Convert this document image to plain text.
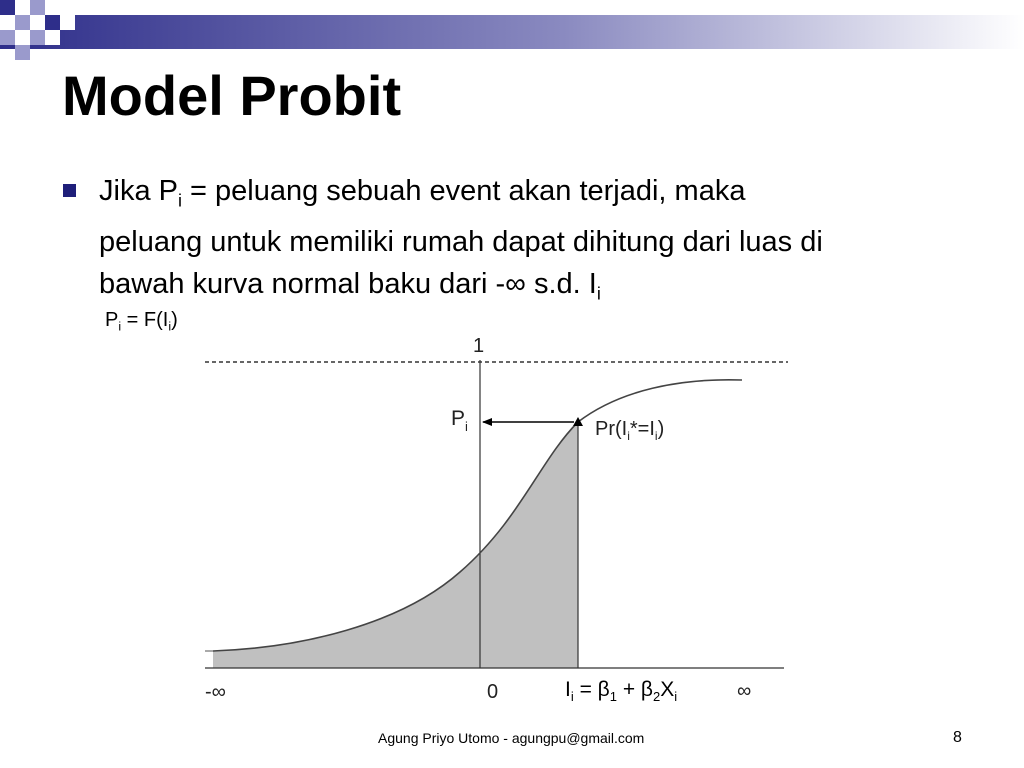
Model Probit
Jika $P_i$ = peluang sebuah event akan terjadi, maka
peluang untuk memiliki rumah dapat dihitung dari luas di
bawah kurva normal baku dari -∞ s.d. $I_i$
$P_i = F(I_i)$
1
$P_i$	$Pr(I_i*=I_i)$
0
-∞	∞
$I_i = \beta_1 + \beta_2X_i$
Agung Priyo Utomo - agungpu@gmail.com	8
